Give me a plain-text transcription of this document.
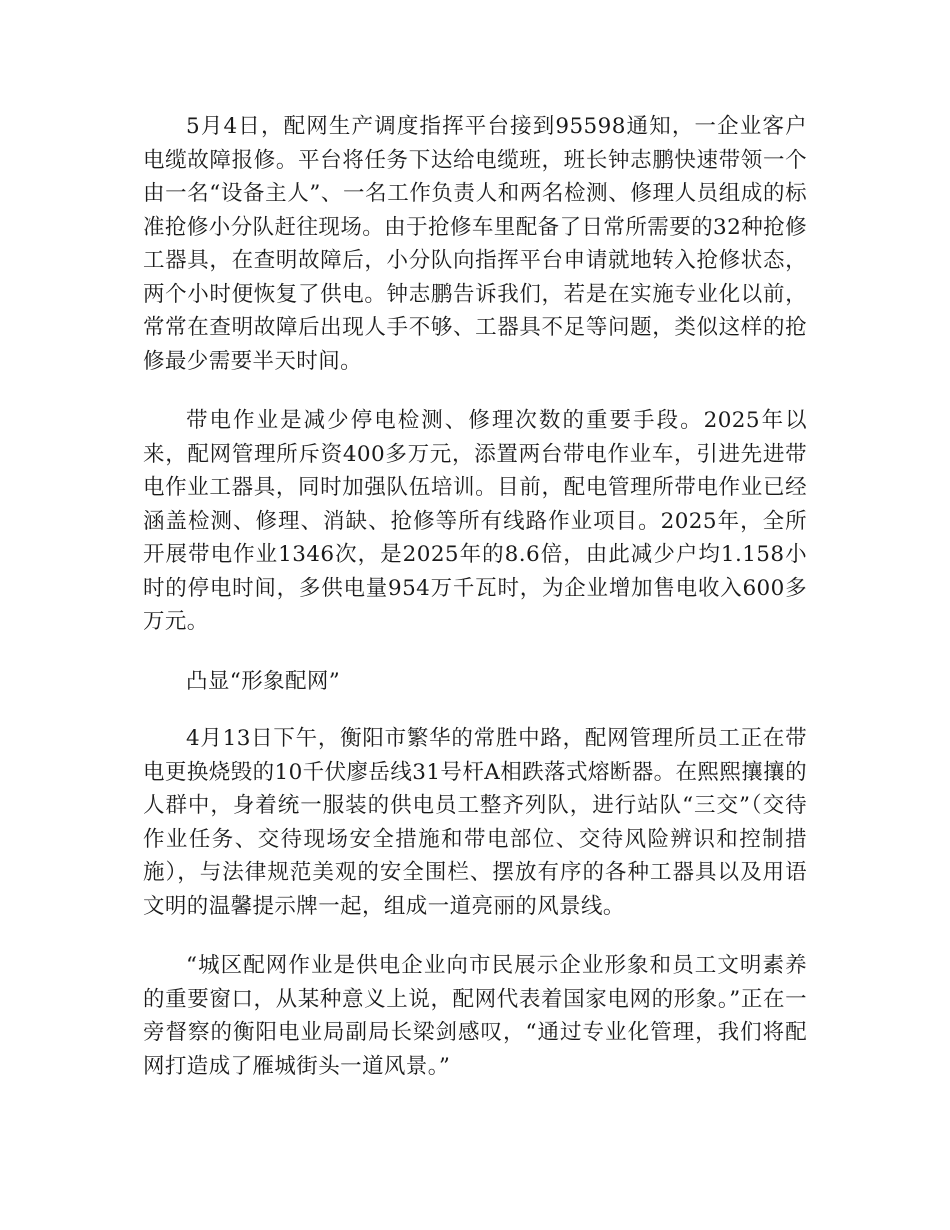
5月4日，配网生产调度指挥平台接到95598通知，一企业客户电缆故障报修。平台将任务下达给电缆班，班长钟志鹏快速带领一个由一名“设备主人”、一名工作负责人和两名检测、修理人员组成的标准抢修小分队赶往现场。由于抢修车里配备了日常所需要的32种抢修工器具，在查明故障后，小分队向指挥平台申请就地转入抢修状态，两个小时便恢复了供电。钟志鹏告诉我们，若是在实施专业化以前，常常在查明故障后出现人手不够、工器具不足等问题，类似这样的抢修最少需要半天时间。

带电作业是减少停电检测、修理次数的重要手段。2025年以来，配网管理所斥资400多万元，添置两台带电作业车，引进先进带电作业工器具，同时加强队伍培训。目前，配电管理所带电作业已经涵盖检测、修理、消缺、抢修等所有线路作业项目。2025年，全所开展带电作业1346次，是2025年的8.6倍，由此减少户均1.158小时的停电时间，多供电量954万千瓦时，为企业增加售电收入600多万元。

凸显“形象配网”

4月13日下午，衡阳市繁华的常胜中路，配网管理所员工正在带电更换烧毁的10千伏廖岳线31号杆A相跌落式熔断器。在熙熙攘攘的人群中，身着统一服装的供电员工整齐列队，进行站队“三交”（交待作业任务、交待现场安全措施和带电部位、交待风险辨识和控制措施），与法律规范美观的安全围栏、摆放有序的各种工器具以及用语文明的温馨提示牌一起，组成一道亮丽的风景线。

“城区配网作业是供电企业向市民展示企业形象和员工文明素养的重要窗口，从某种意义上说，配网代表着国家电网的形象。”正在一旁督察的衡阳电业局副局长梁剑感叹，“通过专业化管理，我们将配网打造成了雁城街头一道风景。”
